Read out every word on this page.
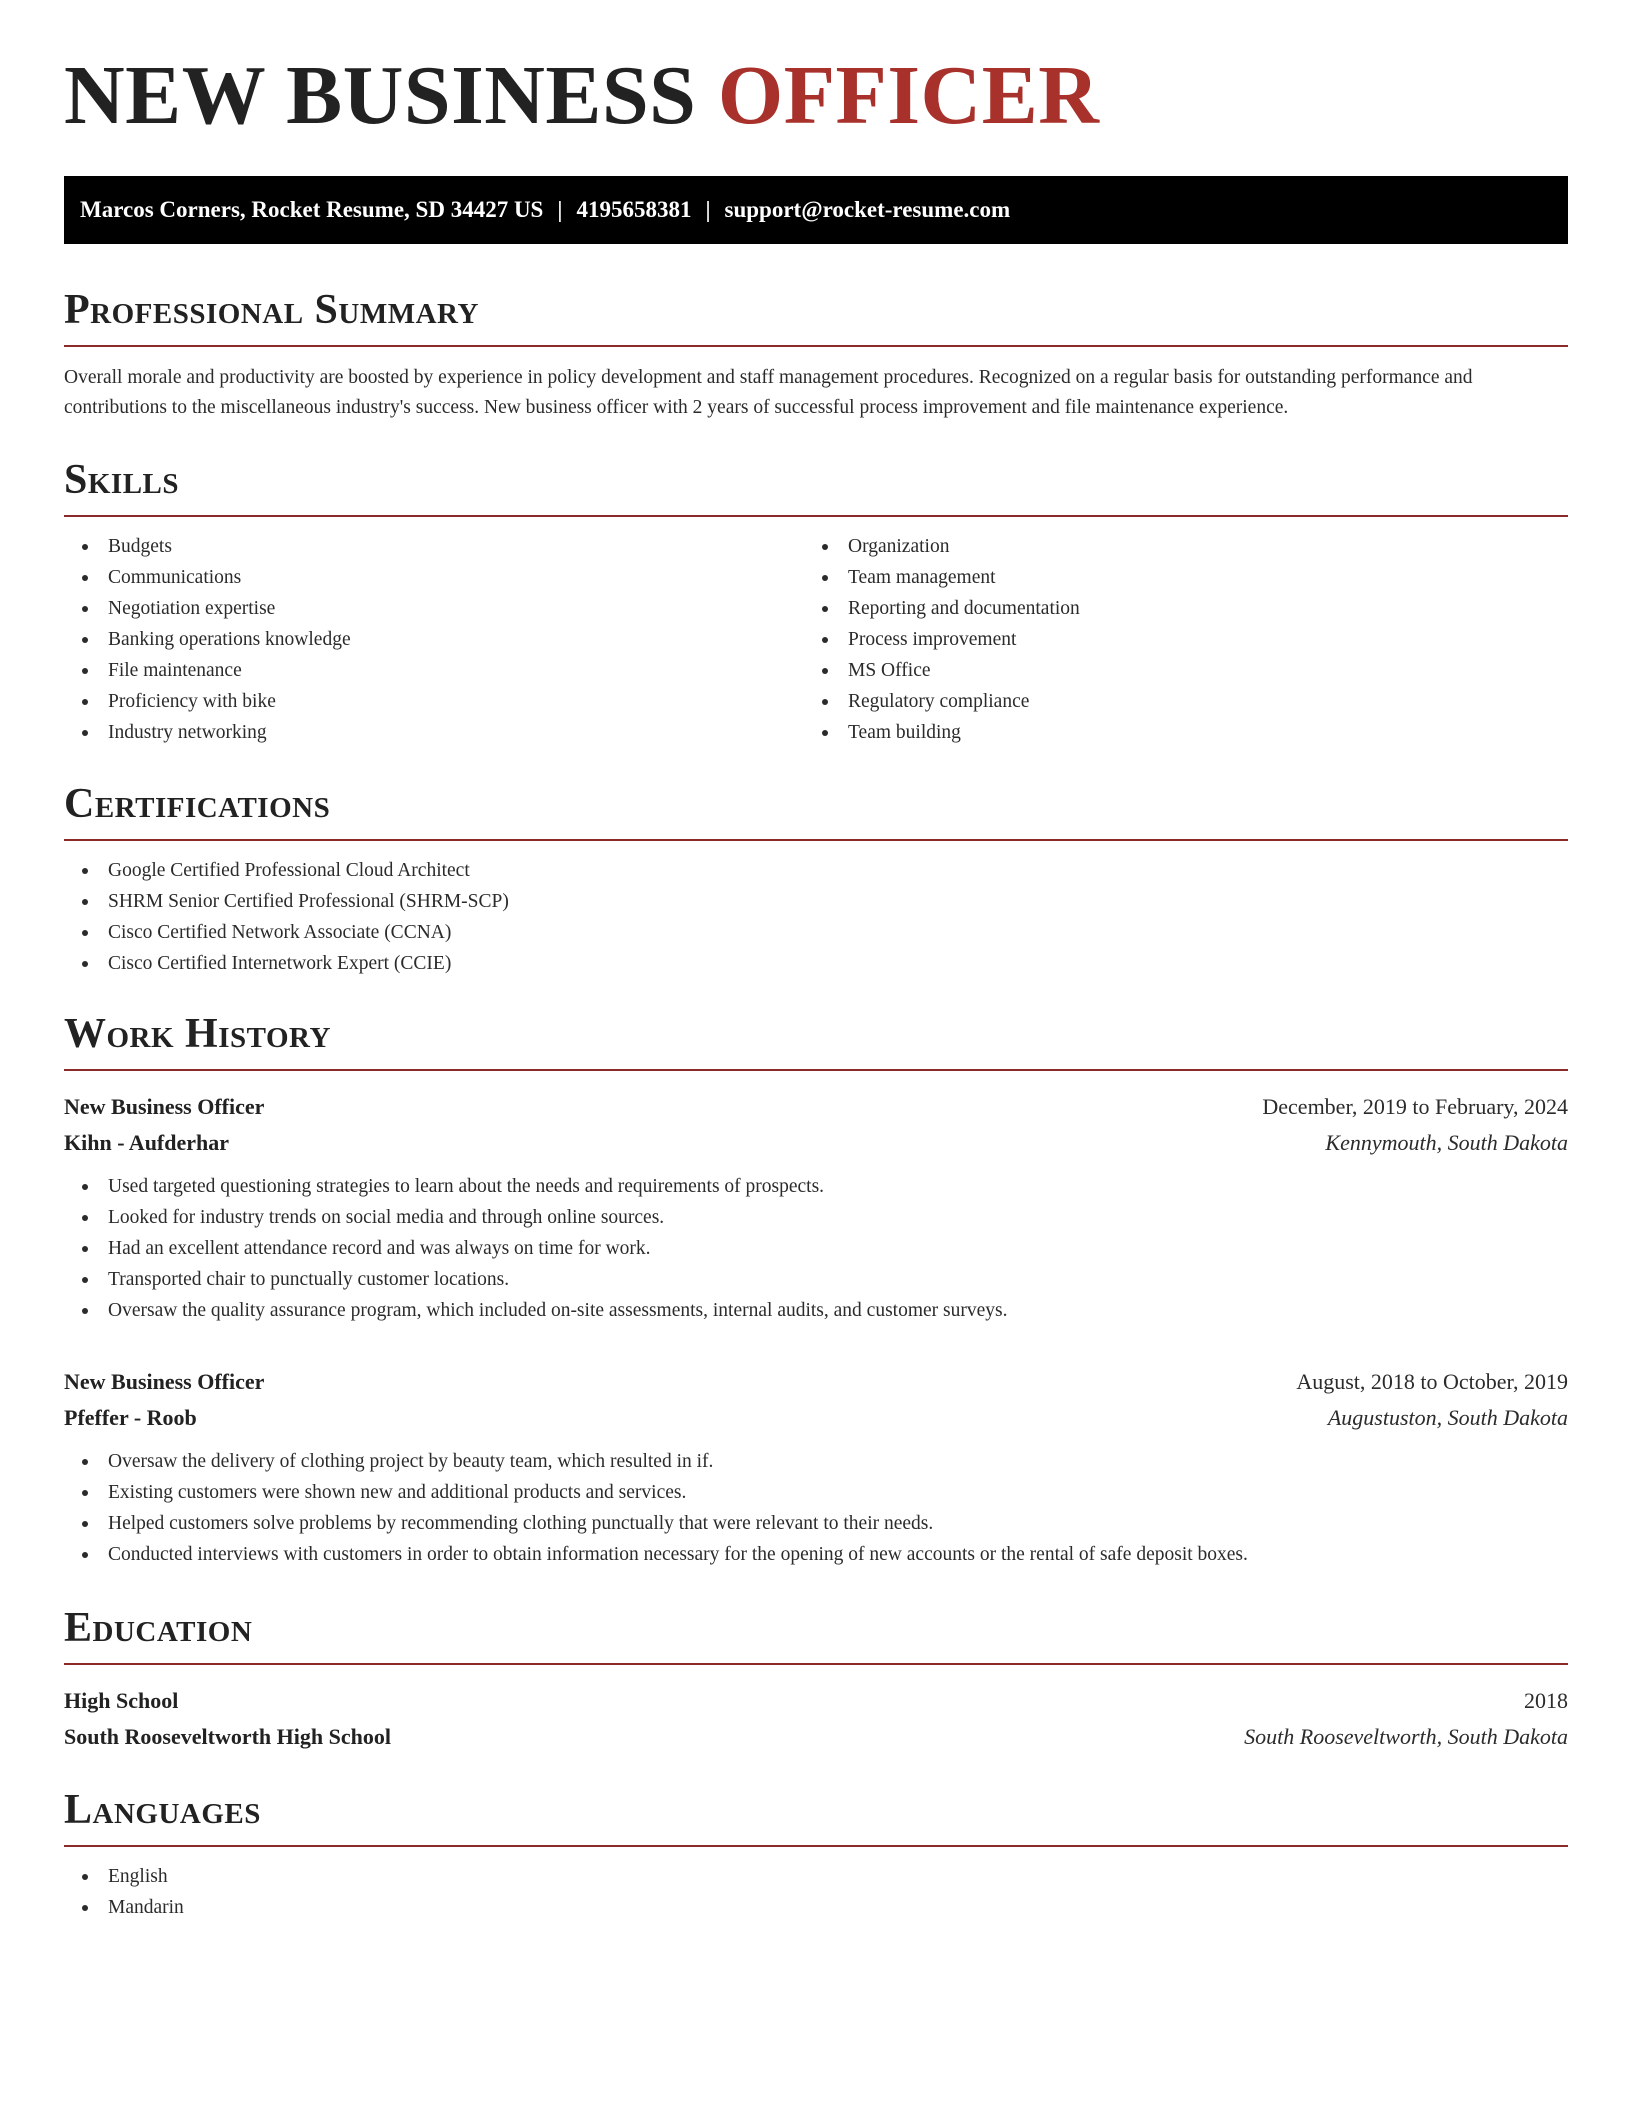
NEW BUSINESS OFFICER
Marcos Corners, Rocket Resume, SD 34427 US | 4195658381 | support@rocket-resume.com
Professional Summary
Overall morale and productivity are boosted by experience in policy development and staff management procedures. Recognized on a regular basis for outstanding performance and contributions to the miscellaneous industry's success. New business officer with 2 years of successful process improvement and file maintenance experience.
Skills
Budgets
Communications
Negotiation expertise
Banking operations knowledge
File maintenance
Proficiency with bike
Industry networking
Organization
Team management
Reporting and documentation
Process improvement
MS Office
Regulatory compliance
Team building
Certifications
Google Certified Professional Cloud Architect
SHRM Senior Certified Professional (SHRM-SCP)
Cisco Certified Network Associate (CCNA)
Cisco Certified Internetwork Expert (CCIE)
Work History
New Business Officer	December, 2019 to February, 2024
Kihn - Aufderhar	Kennymouth, South Dakota
Used targeted questioning strategies to learn about the needs and requirements of prospects.
Looked for industry trends on social media and through online sources.
Had an excellent attendance record and was always on time for work.
Transported chair to punctually customer locations.
Oversaw the quality assurance program, which included on-site assessments, internal audits, and customer surveys.
New Business Officer	August, 2018 to October, 2019
Pfeffer - Roob	Augustuston, South Dakota
Oversaw the delivery of clothing project by beauty team, which resulted in if.
Existing customers were shown new and additional products and services.
Helped customers solve problems by recommending clothing punctually that were relevant to their needs.
Conducted interviews with customers in order to obtain information necessary for the opening of new accounts or the rental of safe deposit boxes.
Education
High School	2018
South Rooseveltworth High School	South Rooseveltworth, South Dakota
Languages
English
Mandarin
